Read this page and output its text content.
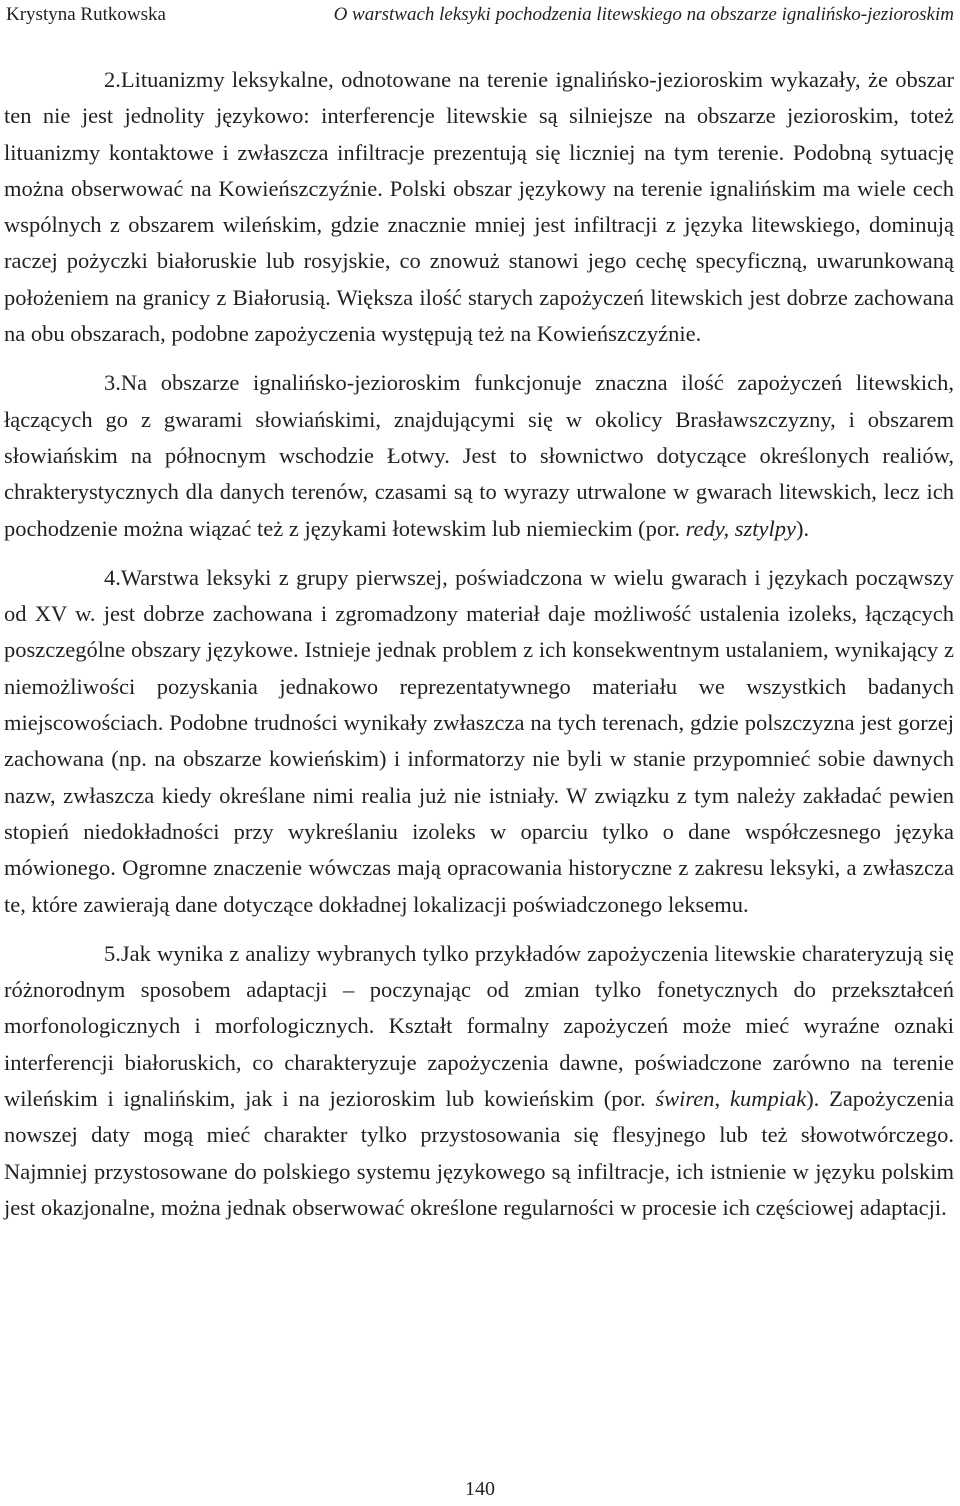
Krystyna Rutkowska	O warstwach leksyki pochodzenia litewskiego na obszarze ignalińsko-jezioroskim

2.Lituanizmy leksykalne, odnotowane na terenie ignalińsko-jezioroskim wykazały, że obszar ten nie jest jednolity językowo: interferencje litewskie są silniejsze na obszarze jezioroskim, toteż lituanizmy kontaktowe i zwłaszcza infiltracje prezentują się liczniej na tym terenie. Podobną sytuację można obserwować na Kowieńszczyźnie. Polski obszar językowy na terenie ignalińskim ma wiele cech wspólnych z obszarem wileńskim, gdzie znacznie mniej jest infiltracji z języka litewskiego, dominują raczej pożyczki białoruskie lub rosyjskie, co znowuż stanowi jego cechę specyficzną, uwarunkowaną położeniem na granicy z Białorusią. Większa ilość starych zapożyczeń litewskich jest dobrze zachowana na obu obszarach, podobne zapożyczenia występują też na Kowieńszczyźnie.

3.Na obszarze ignalińsko-jezioroskim funkcjonuje znaczna ilość zapożyczeń litewskich, łączących go z gwarami słowiańskimi, znajdującymi się w okolicy Brasławszczyzny, i obszarem słowiańskim na północnym wschodzie Łotwy. Jest to słownictwo dotyczące określonych realiów, chrakterystycznych dla danych terenów, czasami są to wyrazy utrwalone w gwarach litewskich, lecz ich pochodzenie można wiązać też z językami łotewskim lub niemieckim (por. redy, sztylpy).

4.Warstwa leksyki z grupy pierwszej, poświadczona w wielu gwarach i językach począwszy od XV w. jest dobrze zachowana i zgromadzony materiał daje możliwość ustalenia izoleks, łączących poszczególne obszary językowe. Istnieje jednak problem z ich konsekwentnym ustalaniem, wynikający z niemożliwości pozyskania jednakowo reprezentatywnego materiału we wszystkich badanych miejscowościach. Podobne trudności wynikały zwłaszcza na tych terenach, gdzie polszczyzna jest gorzej zachowana (np. na obszarze kowieńskim) i informatorzy nie byli w stanie przypomnieć sobie dawnych nazw, zwłaszcza kiedy określane nimi realia już nie istniały. W związku z tym należy zakładać pewien stopień niedokładności przy wykreślaniu izoleks w oparciu tylko o dane współczesnego języka mówionego. Ogromne znaczenie wówczas mają opracowania historyczne z zakresu leksyki, a zwłaszcza te, które zawierają dane dotyczące dokładnej lokalizacji poświadczonego leksemu.

5.Jak wynika z analizy wybranych tylko przykładów zapożyczenia litewskie charateryzują się różnorodnym sposobem adaptacji – poczynając od zmian tylko fonetycznych do przekształceń morfonologicznych i morfologicznych. Kształt formalny zapożyczeń może mieć wyraźne oznaki interferencji białoruskich, co charakteryzuje zapożyczenia dawne, poświadczone zarówno na terenie wileńskim i ignalińskim, jak i na jezioroskim lub kowieńskim (por. świren, kumpiak). Zapożyczenia nowszej daty mogą mieć charakter tylko przystosowania się flesyjnego lub też słowotwórczego. Najmniej przystosowane do polskiego systemu językowego są infiltracje, ich istnienie w języku polskim jest okazjonalne, można jednak obserwować określone regularności w procesie ich częściowej adaptacji.

140
